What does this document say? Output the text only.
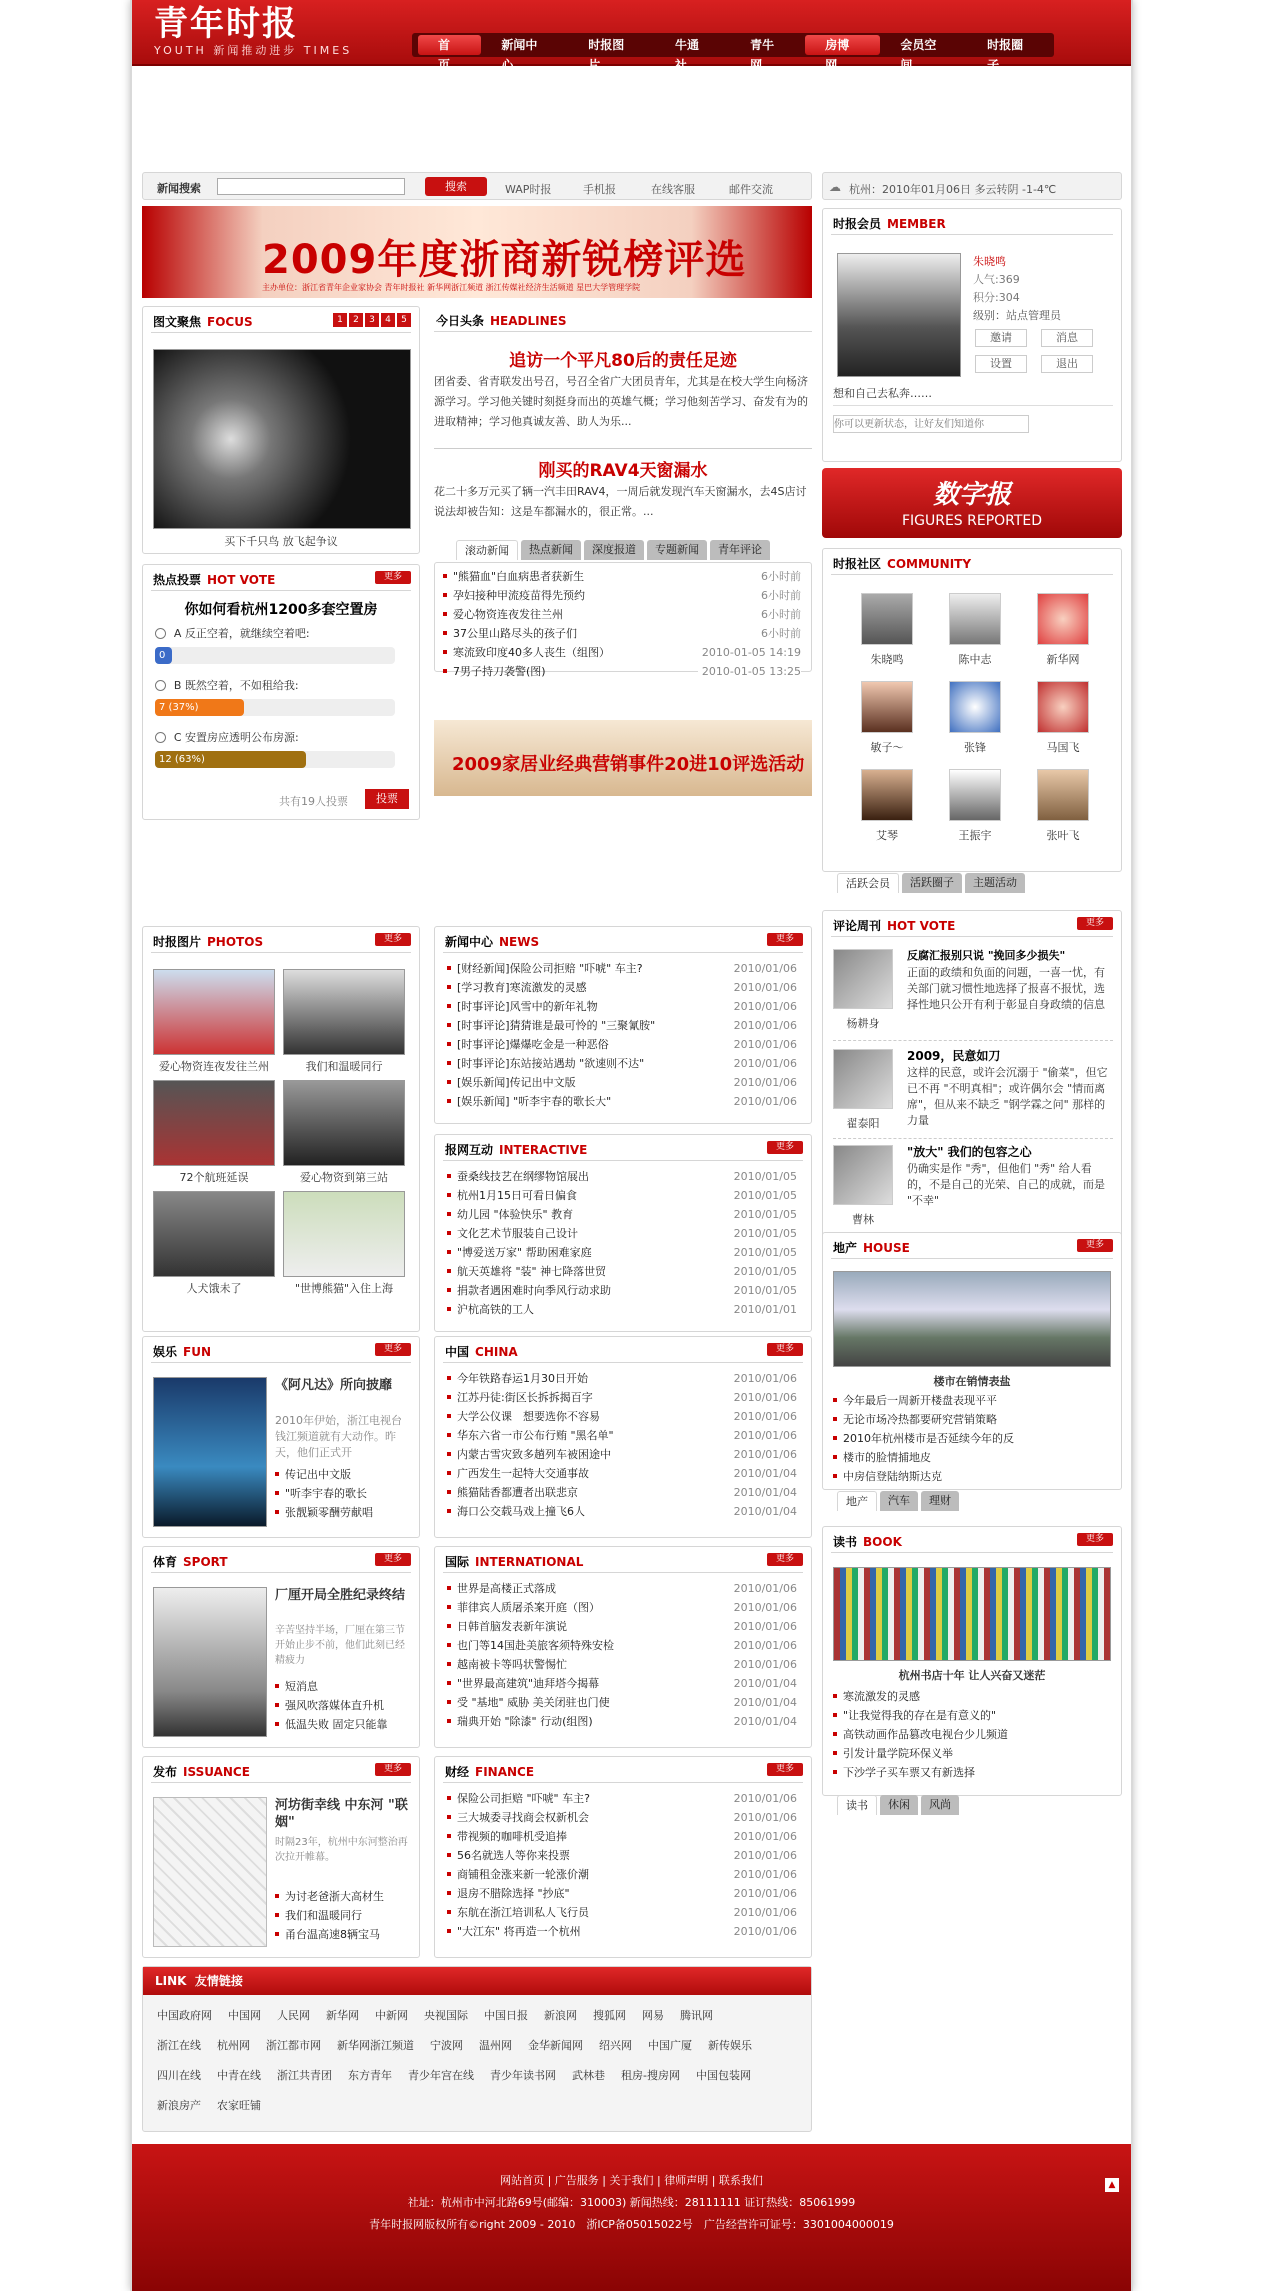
青年时报
YOUTH 新闻推动进步 TIMES	首页
新闻中心
时报图片
牛通社
青牛网
房博网
会员空间
时报圈子
新闻搜索	搜索	WAP时报	手机报	在线客服	邮件交流	☁ 杭州：2010年01月06日 多云转阴 -1-4℃
2009年度浙商新锐榜评选
主办单位：浙江省青年企业家协会 青年时报社 新华网浙江频道 浙江传媒社经济生活频道 星巴大学管理学院
图文聚焦 FOCUS	1	2	3	4	5
买下千只鸟 放飞起争议
今日头条 HEADLINES
追访一个平凡80后的责任足迹
团省委、省青联发出号召，号召全省广大团员青年，尤其是在校大学生向杨济源学习。学习他关键时刻挺身而出的英雄气概；学习他刻苦学习、奋发有为的进取精神；学习他真诚友善、助人为乐...
刚买的RAV4天窗漏水
花二十多万元买了辆一汽丰田RAV4，一周后就发现汽车天窗漏水，去4S店讨说法却被告知：这是车都漏水的，很正常。...
滚动新闻	热点新闻	深度报道	专题新闻	青年评论
"熊猫血"白血病患者获新生	6小时前
孕妇接种甲流疫苗得先预约	6小时前
爱心物资连夜发往兰州	6小时前
37公里山路尽头的孩子们	6小时前
寒流致印度40多人丧生（组图）	2010-01-05 14:19
7男子持刀袭警(图)	2010-01-05 13:25
2009家居业经典营销事件20进10评选活动
热点投票 HOT VOTE	更多
你如何看杭州1200多套空置房
A 反正空着，就继续空着吧:
0
B 既然空着，不如租给我:
7 (37%)
C 安置房应透明公布房源:
12 (63%)
共有19人投票	投票
时报会员 MEMBER
朱晓鸣
人气:369
积分:304
级别：站点管理员
邀请	消息
设置	退出
想和自己去私奔……
你可以更新状态，让好友们知道你
数字报
FIGURES REPORTED
时报社区 COMMUNITY
朱晓鸣	陈中志	新华网
敏子～	张锋	马国飞
艾琴	王振宇	张叶飞
活跃会员	活跃圈子	主题活动
时报图片 PHOTOS	更多
爱心物资连夜发往兰州	我们和温暖同行
72个航班延误	爱心物资到第三站
人犬饿未了	"世博熊猫"入住上海
新闻中心 NEWS	更多
[财经新闻]保险公司拒赔 "吓唬" 车主?	2010/01/06
[学习教育]寒流激发的灵感	2010/01/06
[时事评论]风雪中的新年礼物	2010/01/06
[时事评论]猜猜谁是最可怜的 "三聚氰胺"	2010/01/06
[时事评论]爆爆吃金是一种恶俗	2010/01/06
[时事评论]东站接站遇劫 "欲速则不达"	2010/01/06
[娱乐新闻]传记出中文版	2010/01/06
[娱乐新闻] "听李宇春的歌长大"	2010/01/06
报网互动 INTERACTIVE	更多
蚕桑线技艺在纲缪物馆展出	2010/01/05
杭州1月15日可看日偏食	2010/01/05
幼儿园 "体验快乐" 教育	2010/01/05
文化艺术节服装自己设计	2010/01/05
"博爱送万家" 帮助困难家庭	2010/01/05
航天英雄将 "装" 神七降落世贸	2010/01/05
捐款者遇困难时向季风行动求助	2010/01/05
沪杭高铁的工人	2010/01/01
娱乐 FUN	更多
《阿凡达》所向披靡
2010年伊始，浙江电视台钱江频道就有大动作。昨天，他们正式开
传记出中文版
"听李宇春的歌长
张靓颖零酬劳献唱
中国 CHINA	更多
今年铁路春运1月30日开始	2010/01/06
江苏丹徒:街区长拆拆揭百字	2010/01/06
大学公仪课　想要选你不容易	2010/01/06
华东六省一市公布行贿 "黑名单"	2010/01/06
内蒙古雪灾致多趟列车被困途中	2010/01/06
广西发生一起特大交通事故	2010/01/04
熊猫陆香都遭者出联悲京	2010/01/04
海口公交载马戏上撞飞6人	2010/01/04
体育 SPORT	更多
厂厘开局全胜纪录终结
辛苦坚持半场，厂厘在第三节开始止步不前，他们此刻已经精疲力
短消息
强风吹落媒体直升机
低温失败 固定只能靠
国际 INTERNATIONAL	更多
世界是高楼正式落成	2010/01/06
菲律宾人质屠杀案开庭（图）	2010/01/06
日韩首脑发表新年演说	2010/01/06
也门等14国赴美旅客须特殊安检	2010/01/06
越南被卡等吗状警惕忙	2010/01/06
"世界最高建筑"迪拜塔今揭幕	2010/01/04
受 "基地" 威胁 美关闭驻也门使	2010/01/04
瑞典开始 "除漆" 行动(组图)	2010/01/04
发布 ISSUANCE	更多
河坊街幸线 中东河 "联姻"
时隔23年，杭州中东河整治再次拉开帷幕。
为讨老爸浙大高材生
我们和温暖同行
甬台温高速8辆宝马
财经 FINANCE	更多
保险公司拒赔 "吓唬" 车主?	2010/01/06
三大城委寻找商会权新机会	2010/01/06
带视频的咖啡机受追捧	2010/01/06
56名就选人等你来投票	2010/01/06
商铺租金涨来新一轮涨价潮	2010/01/06
退房不腊除选择 "抄底"	2010/01/06
东航在浙江培训私人飞行员	2010/01/06
"大江东" 将再造一个杭州	2010/01/06
评论周刊 HOT VOTE	更多
杨耕身
反腐汇报别只说 "挽回多少损失"
正面的政绩和负面的问题，一喜一忧，有关部门就习惯性地选择了报喜不报忧，选择性地只公开有利于彰显自身政绩的信息
翟泰阳
2009，民意如刀
这样的民意，或许会沉溺于 "偷菜"，但它已不再 "不明真相"；或许偶尔会 "情而离席"，但从来不缺乏 "钢学霖之问" 那样的力量
曹林
"放大" 我们的包容之心
仍确实是作 "秀"，但他们 "秀" 给人看的，不是自己的光荣、自己的成就，而是 "不幸"
地产 HOUSE	更多
楼市在销情表盐
今年最后一周新开楼盘表现平平
无论市场冷热都要研究营销策略
2010年杭州楼市是否延续今年的反
楼市的脸情捕地皮
中房信登陆纳斯达克
地产	汽车	理财
读书 BOOK	更多
杭州书店十年 让人兴奋又迷茫
寒流激发的灵感
"让我觉得我的存在是有意义的"
高铁动画作品篡改电视台少儿频道
引发计量学院环保义举
下沙学子买车票又有新选择
读书	休闲	风尚
LINK 友情链接
中国政府网 中国网 人民网 新华网 中新网 央视国际 中国日报 新浪网 搜狐网 网易 腾讯网
浙江在线 杭州网 浙江都市网 新华网浙江频道 宁波网 温州网 金华新闻网 绍兴网 中国广厦 新传娱乐
四川在线 中青在线 浙江共青团 东方青年 青少年宫在线 青少年读书网 武林巷 租房-搜房网 中国包装网
新浪房产 农家旺铺
网站首页 | 广告服务 | 关于我们 | 律师声明 | 联系我们
社址：杭州市中河北路69号(邮编：310003) 新闻热线：28111111 证订热线：85061999
青年时报网版权所有©right 2009 - 2010　浙ICP备05015022号　广告经营许可证号：3301004000019
▲
